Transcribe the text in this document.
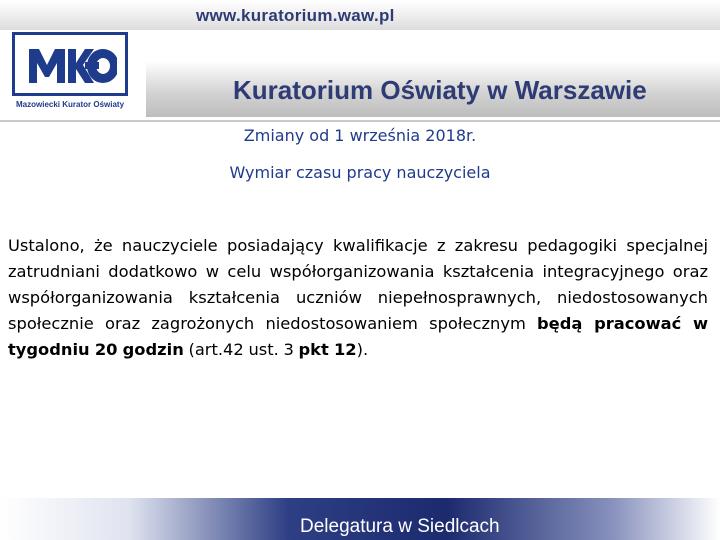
www.kuratorium.waw.pl
Mazowiecki Kurator Oświaty	Kuratorium Oświaty w Warszawie
Zmiany od 1 września 2018r.
Wymiar czasu pracy nauczyciela
Ustalono, że nauczyciele posiadający kwalifikacje z zakresu pedagogiki specjalnej zatrudniani dodatkowo w celu współorganizowania kształcenia integracyjnego oraz współorganizowania kształcenia uczniów niepełnosprawnych, niedostosowanych społecznie oraz zagrożonych niedostosowaniem społecznym będą pracować w tygodniu 20 godzin (art.42 ust. 3 pkt 12).
Delegatura w Siedlcach
